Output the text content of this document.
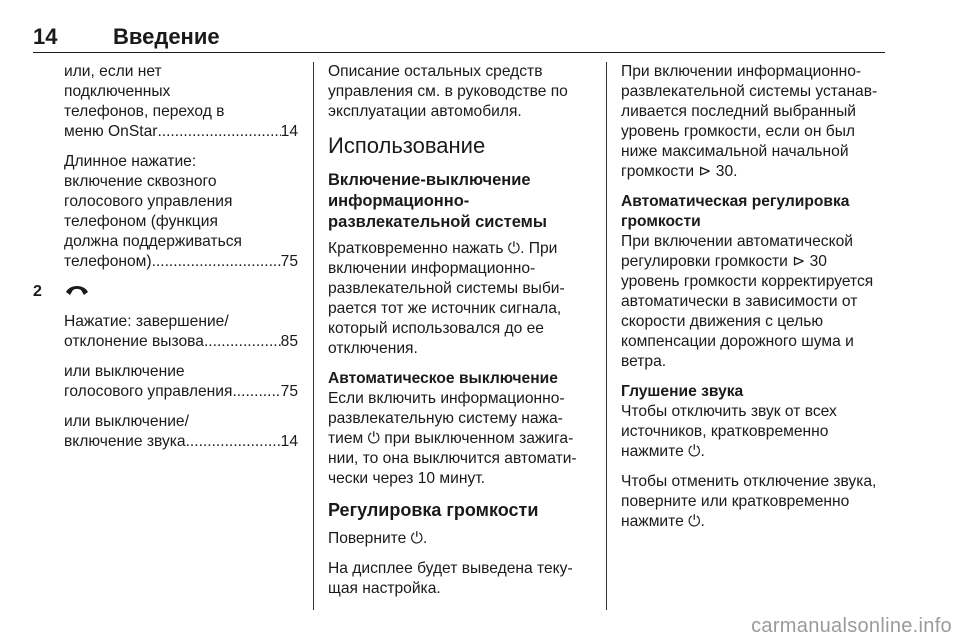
14	Введение
или, если нет
подключенных
телефонов, переход в
меню OnStar .....	14
Длинное нажатие:
включение сквозного
голосового управления
телефоном (функция
должна поддерживаться
телефоном) .....	75
2
Нажатие: завершение/
отклонение вызова .....	85
или выключение
голосового управления .....	75
или выключение/
включение звука .....	14
Описание остальных средств
управления см. в руководстве по
эксплуатации автомобиля.
Использование
Включение-выключение
информационно-
развлекательной системы
Кратковременно нажать ⏻. При
включении информационно-
развлекательной системы выби-
рается тот же источник сигнала,
который использовался до ее
отключения.
Автоматическое выключение
Если включить информационно-
развлекательную систему нажа-
тием ⏻ при выключенном зажига-
нии, то она выключится автомати-
чески через 10 минут.
Регулировка громкости
Поверните ⏻.
На дисплее будет выведена теку-
щая настройка.
При включении информационно-
развлекательной системы устанав-
ливается последний выбранный
уровень громкости, если он был
ниже максимальной начальной
громкости ⊳ 30.
Автоматическая регулировка
громкости
При включении автоматической
регулировки громкости ⊳ 30
уровень громкости корректируется
автоматически в зависимости от
скорости движения с целью
компенсации дорожного шума и
ветра.
Глушение звука
Чтобы отключить звук от всех
источников, кратковременно
нажмите ⏻.
Чтобы отменить отключение звука,
поверните или кратковременно
нажмите ⏻.
carmanualsonline.info
